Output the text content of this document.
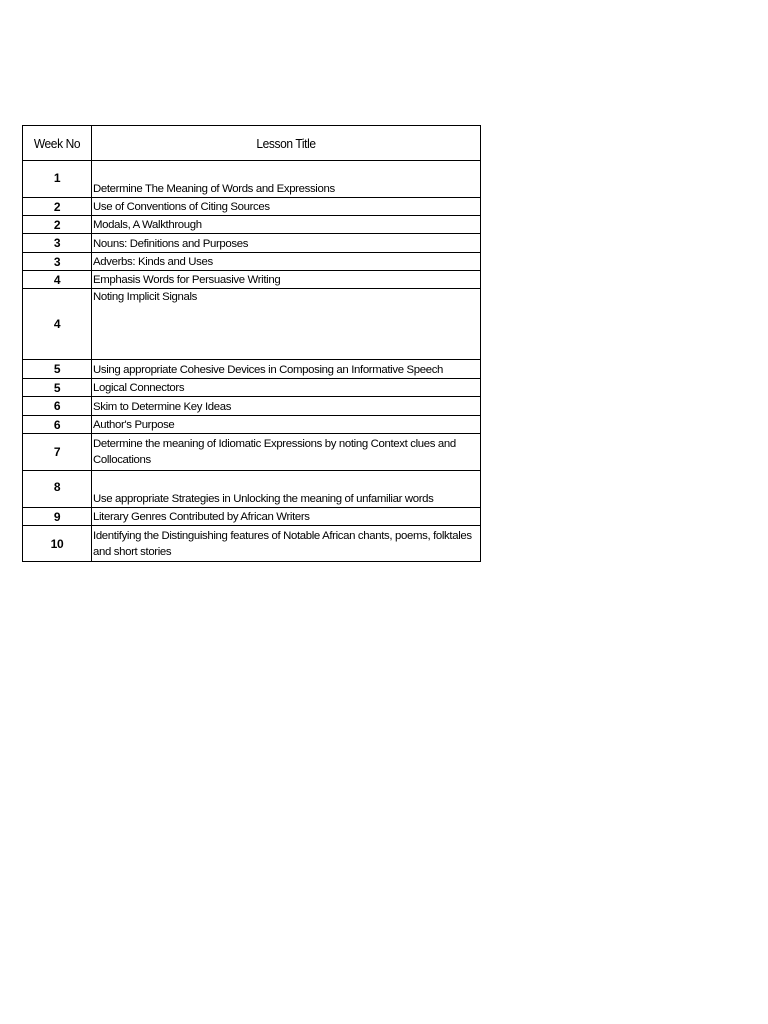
Week No	Lesson Title
1	Determine The Meaning of Words and Expressions
2	Use of Conventions of Citing Sources
2	Modals, A Walkthrough
3	Nouns: Definitions and Purposes
3	Adverbs: Kinds and Uses
4	Emphasis Words for Persuasive Writing
4	Noting Implicit Signals
5	Using appropriate Cohesive Devices in Composing an Informative Speech
5	Logical Connectors
6	Skim to Determine Key Ideas
6	Author's Purpose
7	Determine the meaning of Idiomatic Expressions by noting Context clues and Collocations
8	Use appropriate Strategies in Unlocking the meaning of unfamiliar words
9	Literary Genres Contributed by African Writers
10	Identifying the Distinguishing features of Notable African chants, poems, folktales and short stories
